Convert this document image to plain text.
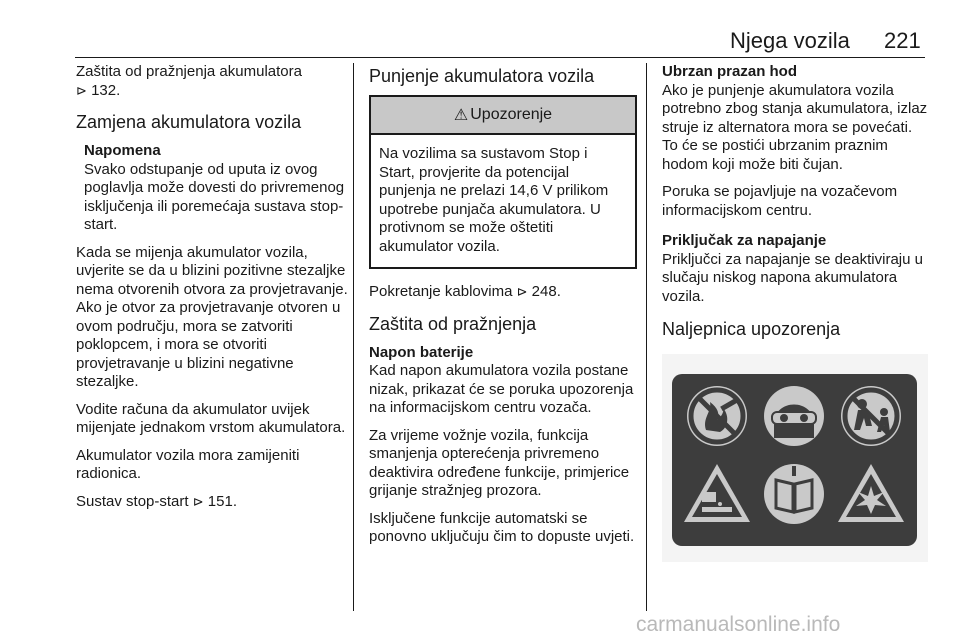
Njega vozila 221

Zaštita od pražnjenja akumulatora
⊳ 132.

Zamjena akumulatora vozila
Napomena
Svako odstupanje od uputa iz ovog poglavlja može dovesti do privremenog isključenja ili poremećaja sustava stop-start.

Kada se mijenja akumulator vozila, uvjerite se da u blizini pozitivne stezaljke nema otvorenih otvora za provjetravanje. Ako je otvor za provjetravanje otvoren u ovom području, mora se zatvoriti poklopcem, i mora se otvoriti provjetravanje u blizini negativne stezaljke.

Vodite računa da akumulator uvijek mijenjate jednakom vrstom akumulatora.

Akumulator vozila mora zamijeniti radionica.

Sustav stop-start ⊳ 151.

Punjenje akumulatora vozila
⚠ Upozorenje
Na vozilima sa sustavom Stop i Start, provjerite da potencijal punjenja ne prelazi 14,6 V prilikom upotrebe punjača akumulatora. U protivnom se može oštetiti akumulator vozila.

Pokretanje kablovima ⊳ 248.

Zaštita od pražnjenja

Napon baterije
Kad napon akumulatora vozila postane nizak, prikazat će se poruka upozorenja na informacijskom centru vozača.

Za vrijeme vožnje vozila, funkcija smanjenja opterećenja privremeno deaktivira određene funkcije, primjerice grijanje stražnjeg prozora.

Isključene funkcije automatski se ponovno uključuju čim to dopuste uvjeti.

Ubrzan prazan hod
Ako je punjenje akumulatora vozila potrebno zbog stanja akumulatora, izlaz struje iz alternatora mora se povećati. To će se postići ubrzanim praznim hodom koji može biti čujan.

Poruka se pojavljuje na vozačevom informacijskom centru.

Priključak za napajanje
Priključci za napajanje se deaktiviraju u slučaju niskog napona akumulatora vozila.

Naljepnica upozorenja
carmanualsonline.info
